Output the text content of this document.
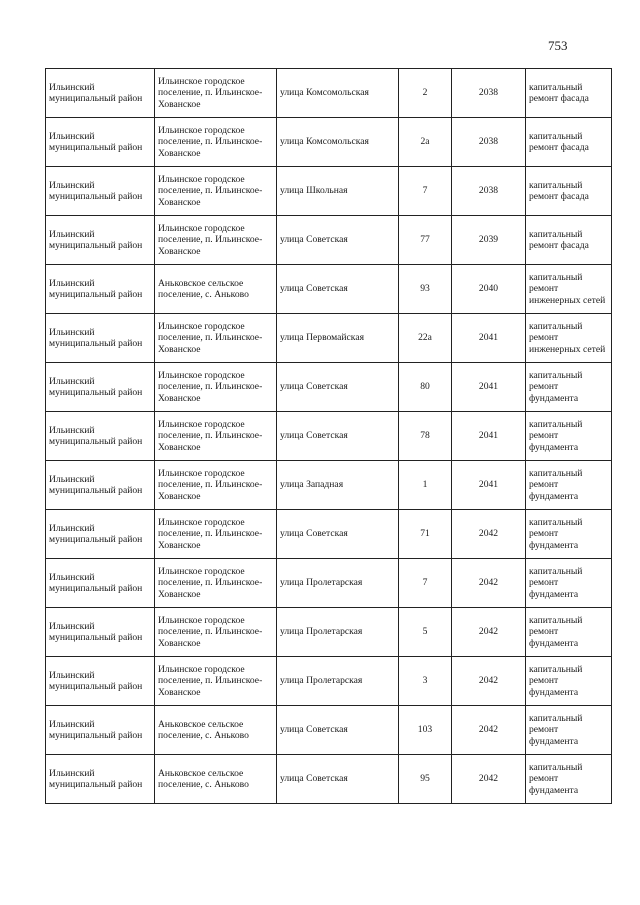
753
Ильинский муниципальный район	Ильинское городское поселение, п. Ильинское-Хованское	улица Комсомольская	2	2038	капитальный ремонт фасада
Ильинский муниципальный район	Ильинское городское поселение, п. Ильинское-Хованское	улица Комсомольская	2а	2038	капитальный ремонт фасада
Ильинский муниципальный район	Ильинское городское поселение, п. Ильинское-Хованское	улица Школьная	7	2038	капитальный ремонт фасада
Ильинский муниципальный район	Ильинское городское поселение, п. Ильинское-Хованское	улица Советская	77	2039	капитальный ремонт фасада
Ильинский муниципальный район	Аньковское сельское поселение, с. Аньково	улица Советская	93	2040	капитальный ремонт инженерных сетей
Ильинский муниципальный район	Ильинское городское поселение, п. Ильинское-Хованское	улица Первомайская	22а	2041	капитальный ремонт инженерных сетей
Ильинский муниципальный район	Ильинское городское поселение, п. Ильинское-Хованское	улица Советская	80	2041	капитальный ремонт фундамента
Ильинский муниципальный район	Ильинское городское поселение, п. Ильинское-Хованское	улица Советская	78	2041	капитальный ремонт фундамента
Ильинский муниципальный район	Ильинское городское поселение, п. Ильинское-Хованское	улица Западная	1	2041	капитальный ремонт фундамента
Ильинский муниципальный район	Ильинское городское поселение, п. Ильинское-Хованское	улица Советская	71	2042	капитальный ремонт фундамента
Ильинский муниципальный район	Ильинское городское поселение, п. Ильинское-Хованское	улица Пролетарская	7	2042	капитальный ремонт фундамента
Ильинский муниципальный район	Ильинское городское поселение, п. Ильинское-Хованское	улица Пролетарская	5	2042	капитальный ремонт фундамента
Ильинский муниципальный район	Ильинское городское поселение, п. Ильинское-Хованское	улица Пролетарская	3	2042	капитальный ремонт фундамента
Ильинский муниципальный район	Аньковское сельское поселение, с. Аньково	улица Советская	103	2042	капитальный ремонт фундамента
Ильинский муниципальный район	Аньковское сельское поселение, с. Аньково	улица Советская	95	2042	капитальный ремонт фундамента
